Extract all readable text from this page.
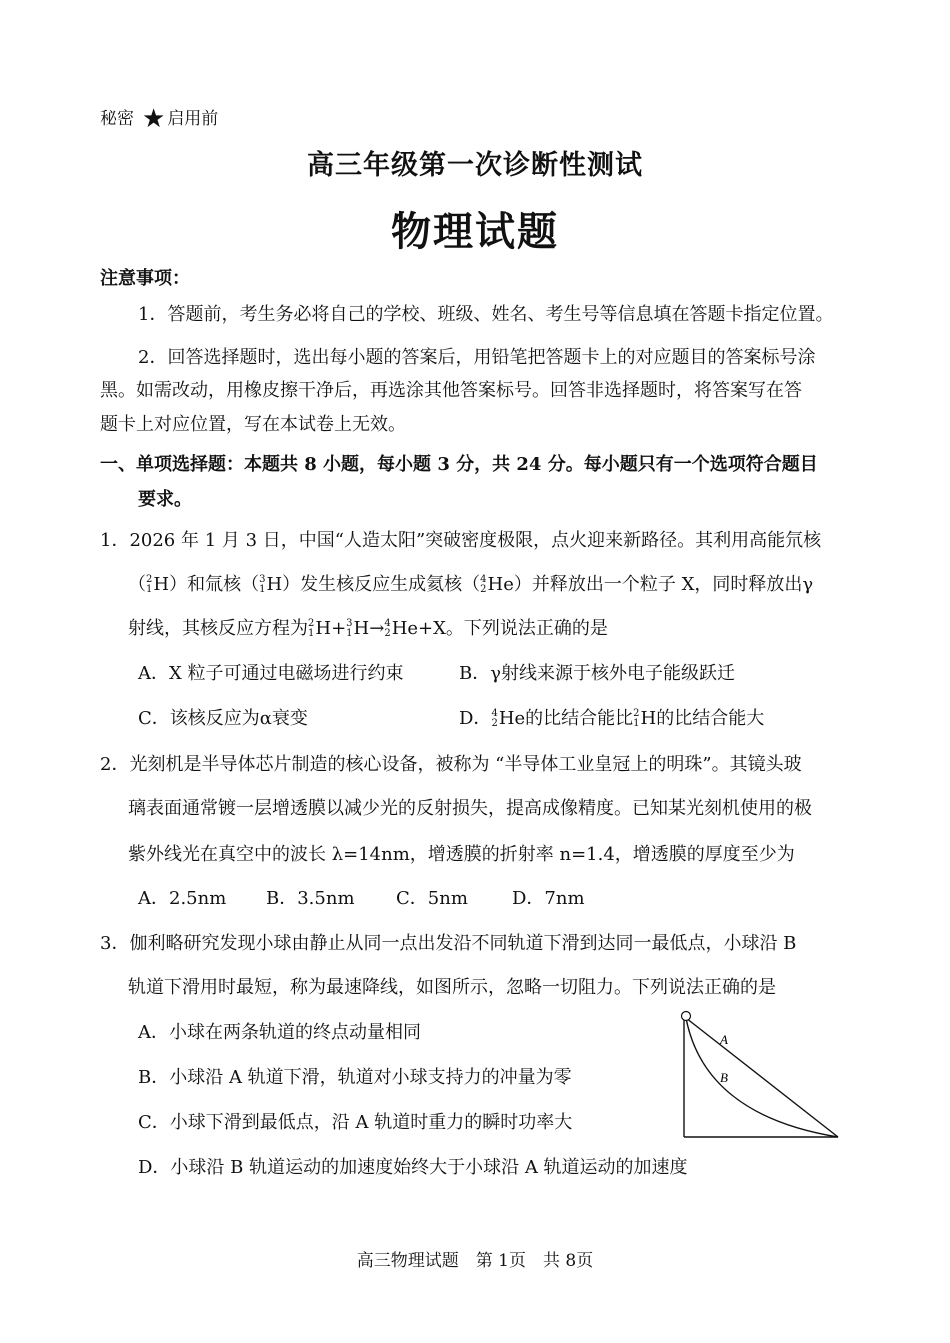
秘密 ★ 启用前
高三年级第一次诊断性测试
物理试题
注意事项：
1．答题前，考生务必将自己的学校、班级、姓名、考生号等信息填在答题卡指定位置。
2．回答选择题时，选出每小题的答案后，用铅笔把答题卡上的对应题目的答案标号涂
黑。如需改动，用橡皮擦干净后，再选涂其他答案标号。回答非选择题时，将答案写在答
题卡上对应位置，写在本试卷上无效。
一、单项选择题：本题共 8 小题，每小题 3 分，共 24 分。每小题只有一个选项符合题目
要求。
1．2026 年 1 月 3 日，中国“人造太阳”突破密度极限，点火迎来新路径。其利用高能氘核
（ 2
1 H）和氚核（ 3
1 H）发生核反应生成氦核（ 4
2 He）并释放出一个粒子 X，同时释放出γ
射线，其核反应方程为 2
1 H+ 3
1 H→ 4
2 He+X。下列说法正确的是
A．X 粒子可通过电磁场进行约束	B．γ射线来源于核外电子能级跃迁
C．该核反应为α衰变	D． 4
2 He的比结合能比 2
1 H的比结合能大
2．光刻机是半导体芯片制造的核心设备，被称为 “半导体工业皇冠上的明珠”。其镜头玻
璃表面通常镀一层增透膜以减少光的反射损失，提高成像精度。已知某光刻机使用的极
紫外线光在真空中的波长 λ=14nm，增透膜的折射率 n=1.4，增透膜的厚度至少为
A．2.5nm B．3.5nm C．5nm D．7nm
3．伽利略研究发现小球由静止从同一点出发沿不同轨道下滑到达同一最低点，小球沿 B
轨道下滑用时最短，称为最速降线，如图所示，忽略一切阻力。下列说法正确的是
A．小球在两条轨道的终点动量相同
B．小球沿 A 轨道下滑，轨道对小球支持力的冲量为零
C．小球下滑到最低点，沿 A 轨道时重力的瞬时功率大
D．小球沿 B 轨道运动的加速度始终大于小球沿 A 轨道运动的加速度
A
B
高三物理试题　第 1页　共 8页
